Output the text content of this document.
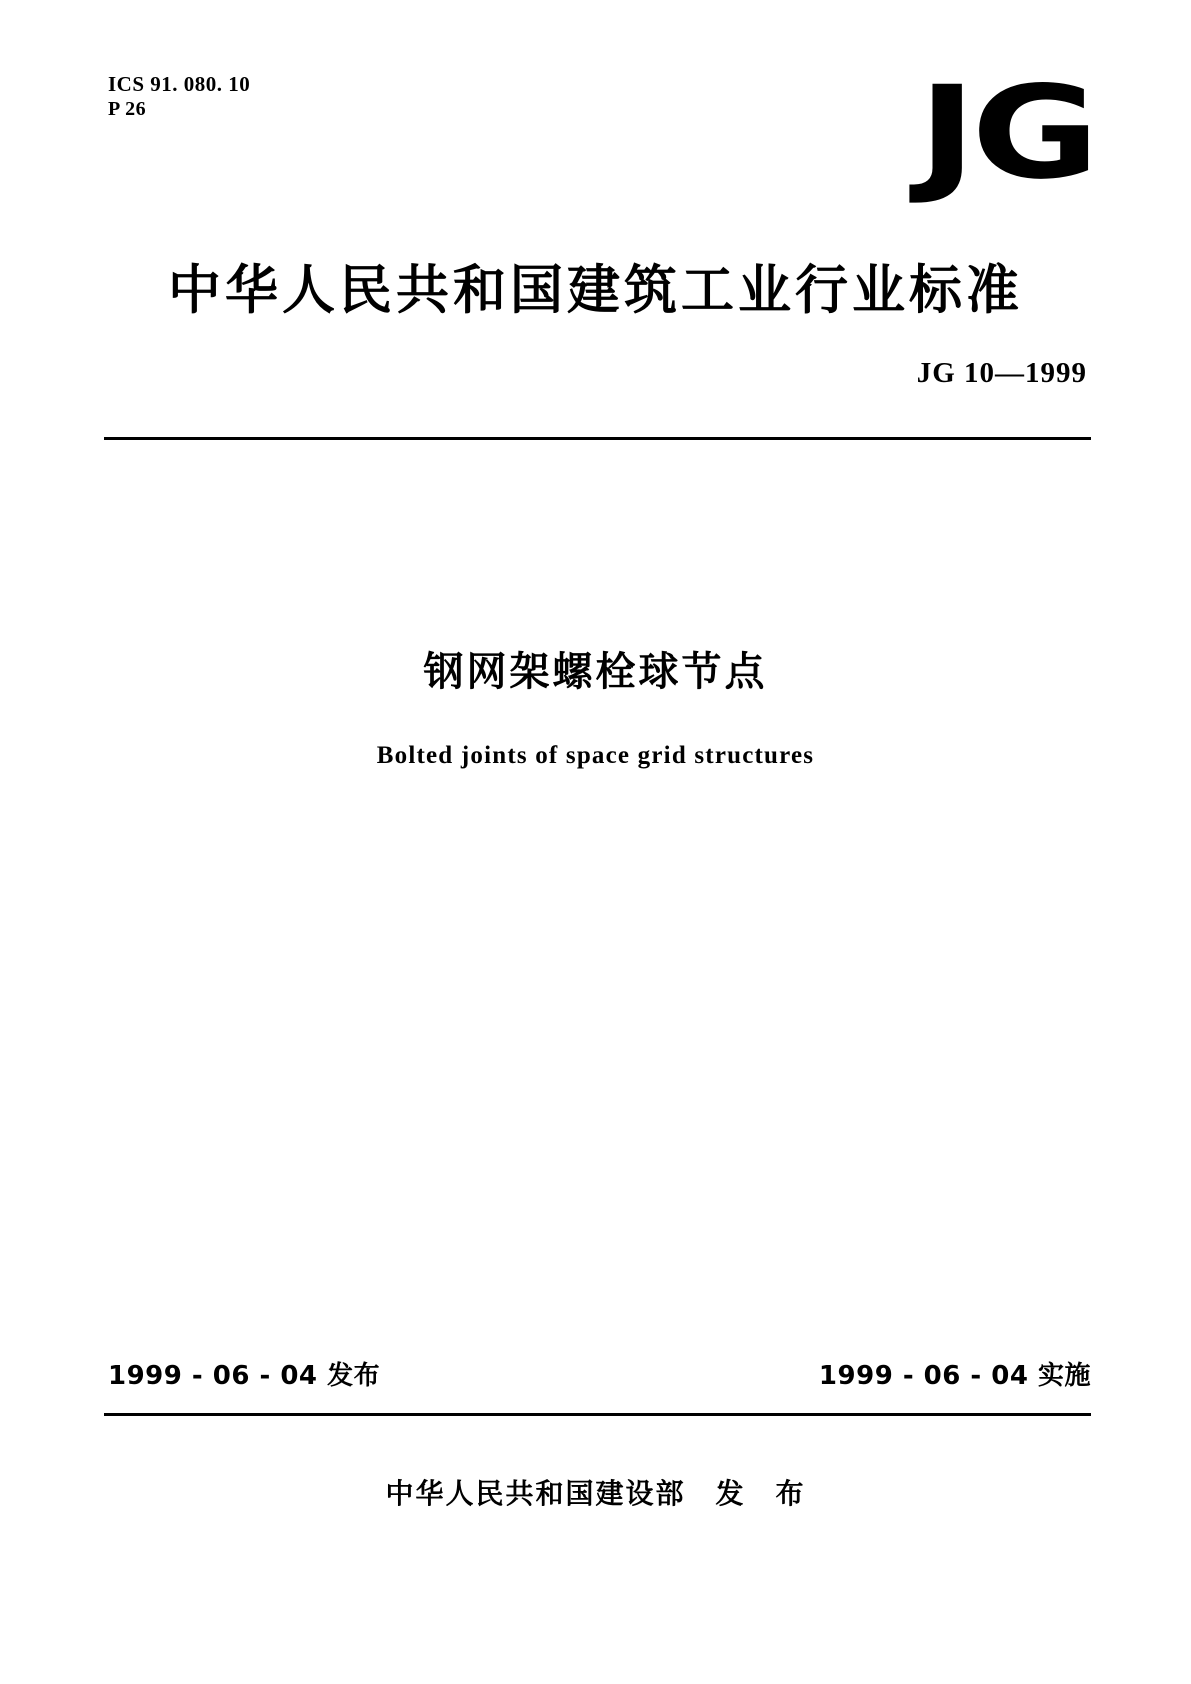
ICS 91. 080. 10
P 26	JG
中华人民共和国建筑工业行业标准
JG 10—1999
钢网架螺栓球节点
Bolted joints of space grid structures
1999 - 06 - 04 发布	1999 - 06 - 04 实施
中华人民共和国建设部　发　布
